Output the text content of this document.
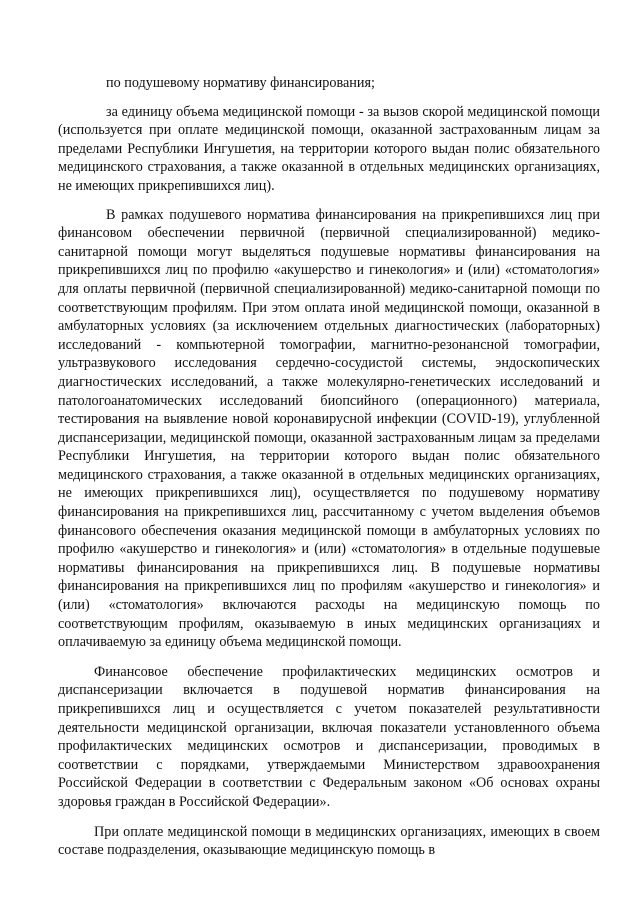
по подушевому нормативу финансирования;

за единицу объема медицинской помощи - за вызов скорой медицинской помощи (используется при оплате медицинской помощи, оказанной застрахованным лицам за пределами Республики Ингушетия, на территории которого выдан полис обязательного медицинского страхования, а также оказанной в отдельных медицинских организациях, не имеющих прикрепившихся лиц).

В рамках подушевого норматива финансирования на прикрепившихся лиц при финансовом обеспечении первичной (первичной специализированной) медико-санитарной помощи могут выделяться подушевые нормативы финансирования на прикрепившихся лиц по профилю «акушерство и гинекология» и (или) «стоматология» для оплаты первичной (первичной специализированной) медико-санитарной помощи по соответствующим профилям. При этом оплата иной медицинской помощи, оказанной в амбулаторных условиях (за исключением отдельных диагностических (лабораторных) исследований - компьютерной томографии, магнитно-резонансной томографии, ультразвукового исследования сердечно-сосудистой системы, эндоскопических диагностических исследований, а также молекулярно-генетических исследований и патологоанатомических исследований биопсийного (операционного) материала, тестирования на выявление новой коронавирусной инфекции (COVID-19), углубленной диспансеризации, медицинской помощи, оказанной застрахованным лицам за пределами Республики Ингушетия, на территории которого выдан полис обязательного медицинского страхования, а также оказанной в отдельных медицинских организациях, не имеющих прикрепившихся лиц), осуществляется по подушевому нормативу финансирования на прикрепившихся лиц, рассчитанному с учетом выделения объемов финансового обеспечения оказания медицинской помощи в амбулаторных условиях по профилю «акушерство и гинекология» и (или) «стоматология» в отдельные подушевые нормативы финансирования на прикрепившихся лиц. В подушевые нормативы финансирования на прикрепившихся лиц по профилям «акушерство и гинекология» и (или) «стоматология» включаются расходы на медицинскую помощь по соответствующим профилям, оказываемую в иных медицинских организациях и оплачиваемую за единицу объема медицинской помощи.

Финансовое обеспечение профилактических медицинских осмотров и диспансеризации включается в подушевой норматив финансирования на прикрепившихся лиц и осуществляется с учетом показателей результативности деятельности медицинской организации, включая показатели установленного объема профилактических медицинских осмотров и диспансеризации, проводимых в соответствии с порядками, утверждаемыми Министерством здравоохранения Российской Федерации в соответствии с Федеральным законом «Об основах охраны здоровья граждан в Российской Федерации».

При оплате медицинской помощи в медицинских организациях, имеющих в своем составе подразделения, оказывающие медицинскую помощь в
